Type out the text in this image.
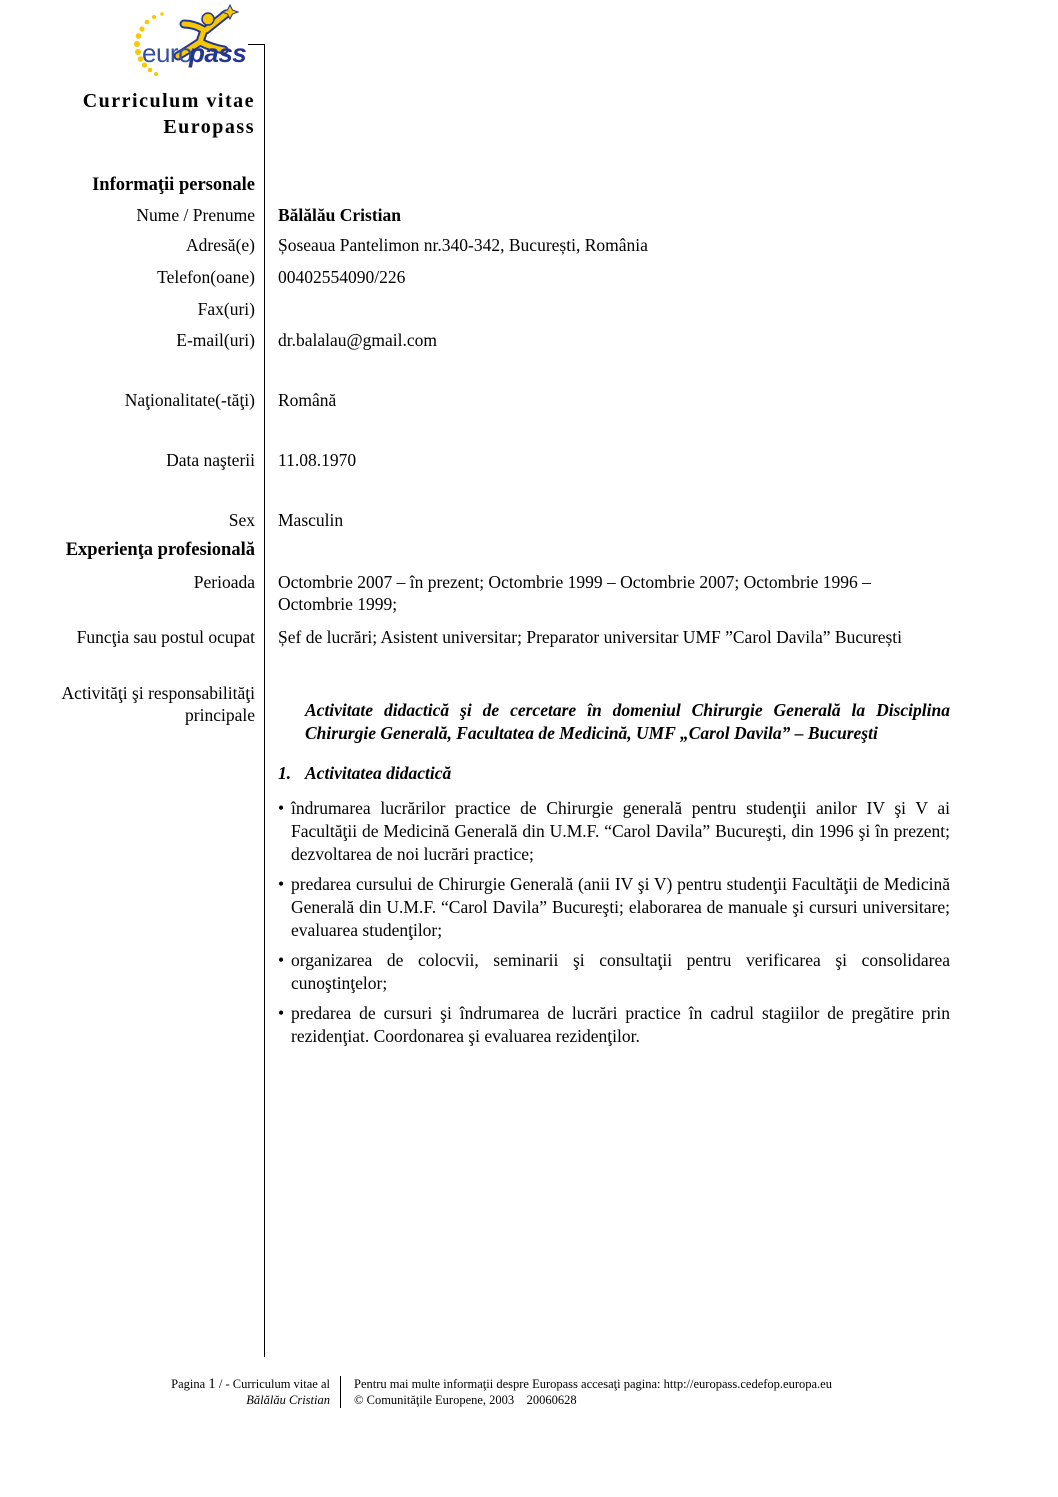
euro
pass
Curriculum vitae
Europass
Informaţii personale
Nume / Prenume Bălălău Cristian
Adresă(e) Șoseaua Pantelimon nr.340-342, București, România
Telefon(oane) 00402554090/226
Fax(uri)
E-mail(uri) dr.balalau@gmail.com
Naţionalitate(-tăţi) Română
Data naşterii 11.08.1970
Sex Masculin
Experienţa profesională
Perioada Octombrie 2007 – în prezent; Octombrie 1999 – Octombrie 2007; Octombrie 1996 – Octombrie 1999;
Funcţia sau postul ocupat Șef de lucrări; Asistent universitar; Preparator universitar UMF ”Carol Davila” București
Activităţi şi responsabilităţi principale	Activitate didactică şi de cercetare în domeniul Chirurgie Generală la Disciplina Chirurgie Generală, Facultatea de Medicină, UMF „Carol Davila” – Bucureşti
1. Activitatea didactică
• îndrumarea lucrărilor practice de Chirurgie generală pentru studenţii anilor IV şi V ai Facultăţii de Medicină Generală din U.M.F. “Carol Davila” Bucureşti, din 1996 şi în prezent; dezvoltarea de noi lucrări practice;
• predarea cursului de Chirurgie Generală (anii IV şi V) pentru studenţii Facultăţii de Medicină Generală din U.M.F. “Carol Davila” Bucureşti; elaborarea de manuale şi cursuri universitare; evaluarea studenţilor;
• organizarea de colocvii, seminarii şi consultaţii pentru verificarea şi consolidarea cunoştinţelor;
• predarea de cursuri şi îndrumarea de lucrări practice în cadrul stagiilor de pregătire prin rezidenţiat. Coordonarea şi evaluarea rezidenţilor.
Pagina 1 / - Curriculum vitae al
Bălălău Cristian
Pentru mai multe informaţii despre Europass accesaţi pagina: http://europass.cedefop.europa.eu
© Comunităţile Europene, 2003    20060628
